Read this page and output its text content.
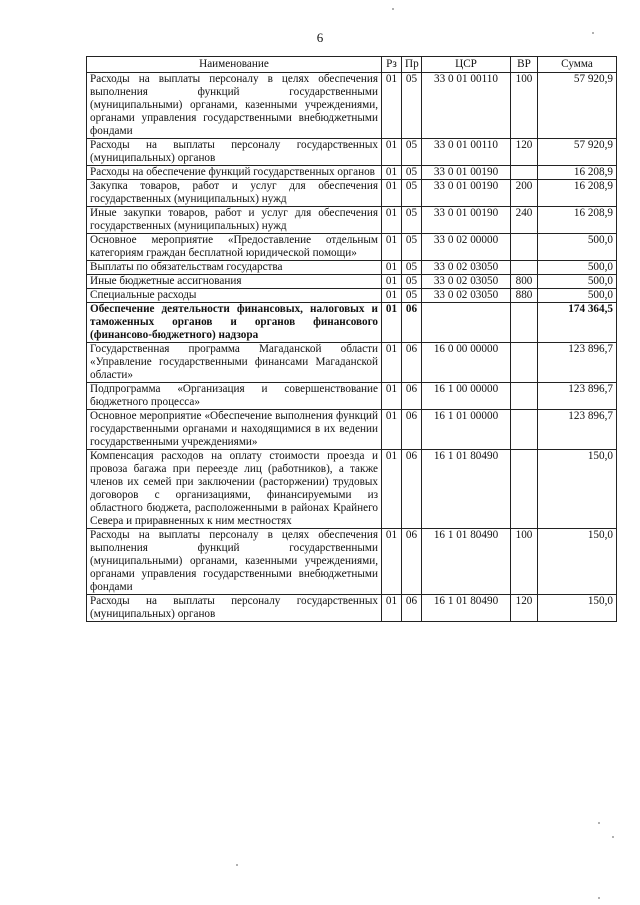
6
Наименование	Рз	Пр	ЦСР	ВР	Сумма
Расходы на выплаты персоналу в целях обеспечения выполнения функций государственными (муниципальными) органами, казенными учреждениями, органами управления государственными внебюджетными фондами	01	05	33 0 01 00110	100	57 920,9
Расходы на выплаты персоналу государственных (муниципальных) органов	01	05	33 0 01 00110	120	57 920,9
Расходы на обеспечение функций государственных органов	01	05	33 0 01 00190		16 208,9
Закупка товаров, работ и услуг для обеспечения государственных (муниципальных) нужд	01	05	33 0 01 00190	200	16 208,9
Иные закупки товаров, работ и услуг для обеспечения государственных (муниципальных) нужд	01	05	33 0 01 00190	240	16 208,9
Основное мероприятие «Предоставление отдельным категориям граждан бесплатной юридической помощи»	01	05	33 0 02 00000		500,0
Выплаты по обязательствам государства	01	05	33 0 02 03050		500,0
Иные бюджетные ассигнования	01	05	33 0 02 03050	800	500,0
Специальные расходы	01	05	33 0 02 03050	880	500,0
Обеспечение деятельности финансовых, налоговых и таможенных органов и органов финансового (финансово-бюджетного) надзора	01	06			174 364,5
Государственная программа Магаданской области «Управление государственными финансами Магаданской области»	01	06	16 0 00 00000		123 896,7
Подпрограмма «Организация и совершенствование бюджетного процесса»	01	06	16 1 00 00000		123 896,7
Основное мероприятие «Обеспечение выполнения функций государственными органами и находящимися в их ведении государственными учреждениями»	01	06	16 1 01 00000		123 896,7
Компенсация расходов на оплату стоимости проезда и провоза багажа при переезде лиц (работников), а также членов их семей при заключении (расторжении) трудовых договоров с организациями, финансируемыми из областного бюджета, расположенными в районах Крайнего Севера и приравненных к ним местностях	01	06	16 1 01 80490		150,0
Расходы на выплаты персоналу в целях обеспечения выполнения функций государственными (муниципальными) органами, казенными учреждениями, органами управления государственными внебюджетными фондами	01	06	16 1 01 80490	100	150,0
Расходы на выплаты персоналу государственных (муниципальных) органов	01	06	16 1 01 80490	120	150,0
